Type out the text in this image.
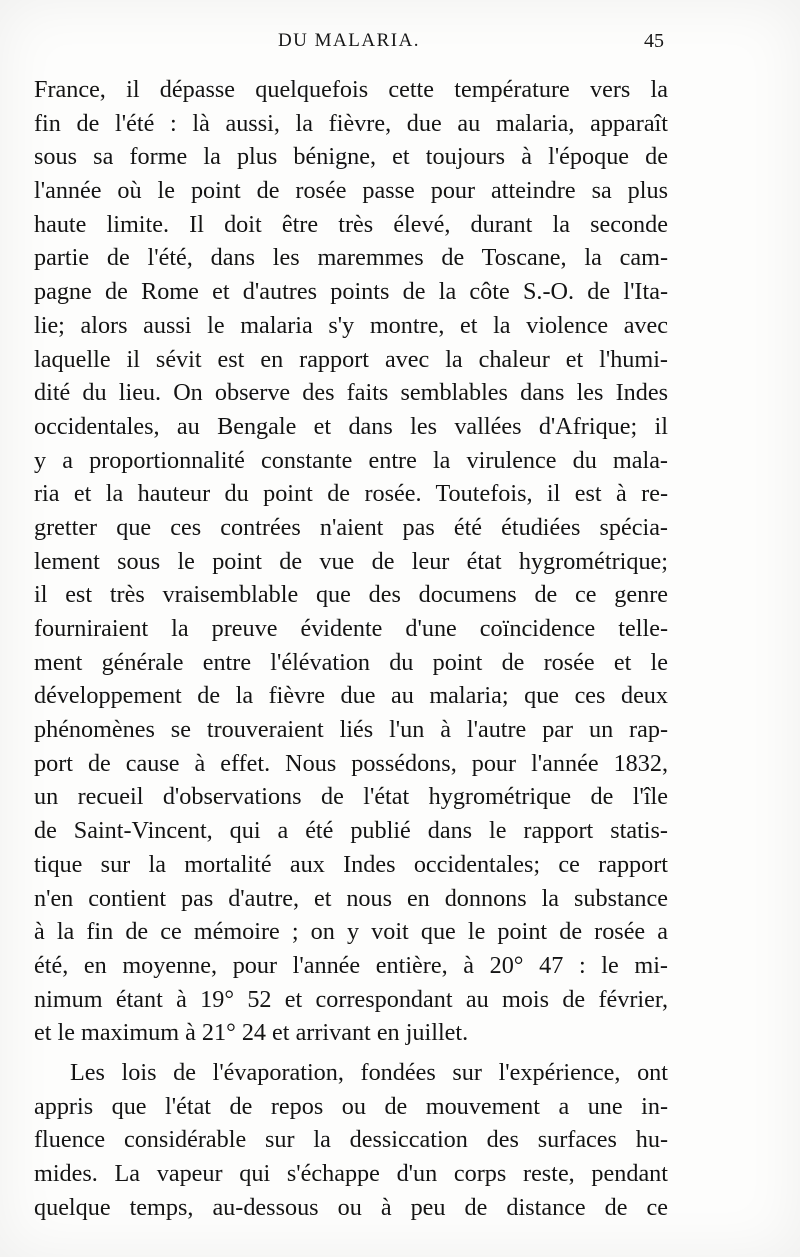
DU MALARIA.	45
France, il dépasse quelquefois cette température vers la
fin de l'été : là aussi, la fièvre, due au malaria, apparaît
sous sa forme la plus bénigne, et toujours à l'époque de
l'année où le point de rosée passe pour atteindre sa plus
haute limite. Il doit être très élevé, durant la seconde
partie de l'été, dans les maremmes de Toscane, la cam-
pagne de Rome et d'autres points de la côte S.-O. de l'Ita-
lie; alors aussi le malaria s'y montre, et la violence avec
laquelle il sévit est en rapport avec la chaleur et l'humi-
dité du lieu. On observe des faits semblables dans les Indes
occidentales, au Bengale et dans les vallées d'Afrique; il
y a proportionnalité constante entre la virulence du mala-
ria et la hauteur du point de rosée. Toutefois, il est à re-
gretter que ces contrées n'aient pas été étudiées spécia-
lement sous le point de vue de leur état hygrométrique;
il est très vraisemblable que des documens de ce genre
fourniraient la preuve évidente d'une coïncidence telle-
ment générale entre l'élévation du point de rosée et le
développement de la fièvre due au malaria; que ces deux
phénomènes se trouveraient liés l'un à l'autre par un rap-
port de cause à effet. Nous possédons, pour l'année 1832,
un recueil d'observations de l'état hygrométrique de l'île
de Saint-Vincent, qui a été publié dans le rapport statis-
tique sur la mortalité aux Indes occidentales; ce rapport
n'en contient pas d'autre, et nous en donnons la substance
à la fin de ce mémoire ; on y voit que le point de rosée a
été, en moyenne, pour l'année entière, à 20° 47 : le mi-
nimum étant à 19° 52 et correspondant au mois de février,
et le maximum à 21° 24 et arrivant en juillet.
Les lois de l'évaporation, fondées sur l'expérience, ont
appris que l'état de repos ou de mouvement a une in-
fluence considérable sur la dessiccation des surfaces hu-
mides. La vapeur qui s'échappe d'un corps reste, pendant
quelque temps, au-dessous ou à peu de distance de ce
